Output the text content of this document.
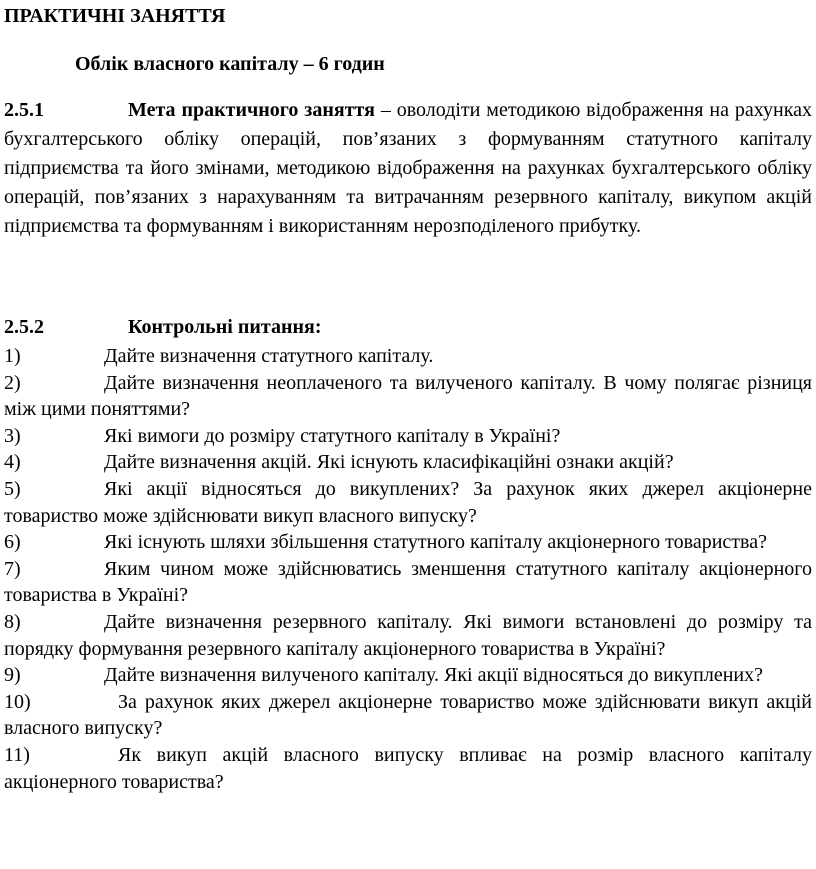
ПРАКТИЧНІ ЗАНЯТТЯ
Облік власного капіталу – 6 годин
2.5.1	Мета практичного заняття – оволодіти методикою відображення на рахунках бухгалтерського обліку операцій, пов’язаних з формуванням статутного капіталу підприємства та його змінами, методикою відображення на рахунках бухгалтерського обліку операцій, пов’язаних з нарахуванням та витрачанням резервного капіталу, викупом акцій підприємства та формуванням і використанням нерозподіленого прибутку.
2.5.2	Контрольні питання:
1)	Дайте визначення статутного капіталу.
2)	Дайте визначення неоплаченого та вилученого капіталу. В чому полягає різниця між цими поняттями?
3)	Які вимоги до розміру статутного капіталу в Україні?
4)	Дайте визначення акцій. Які існують класифікаційні ознаки акцій?
5)	Які акції відносяться до викуплених? За рахунок яких джерел акціонерне товариство може здійснювати викуп власного випуску?
6)	Які існують шляхи збільшення статутного капіталу акціонерного товариства?
7)	Яким чином може здійснюватись зменшення статутного капіталу акціонерного товариства в Україні?
8)	Дайте визначення резервного капіталу. Які вимоги встановлені до розміру та порядку формування резервного капіталу акціонерного товариства в Україні?
9)	Дайте визначення вилученого капіталу. Які акції відносяться до викуплених?
10)	За рахунок яких джерел акціонерне товариство може здійснювати викуп акцій власного випуску?
11)	Як викуп акцій власного випуску впливає на розмір власного капіталу акціонерного товариства?
